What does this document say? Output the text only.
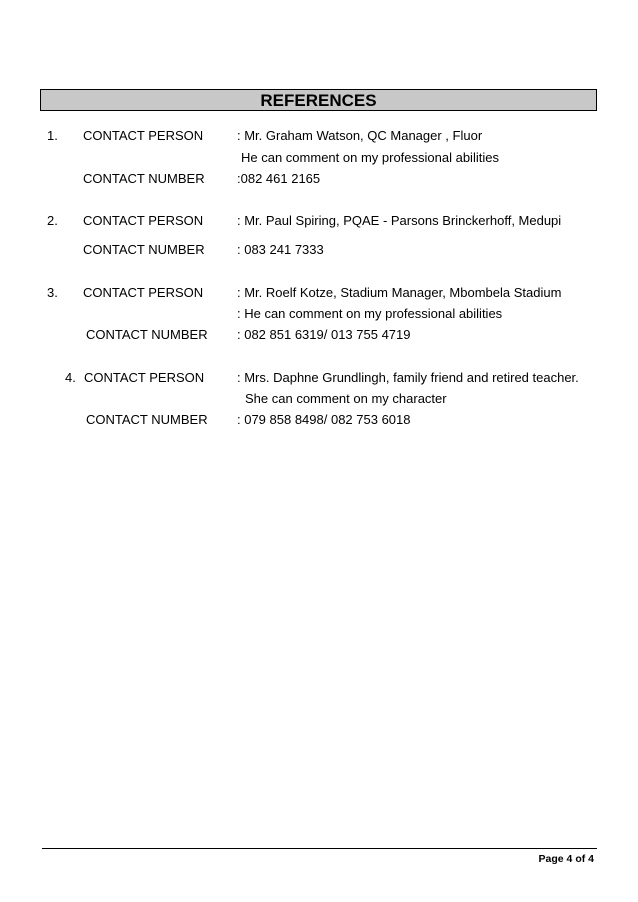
REFERENCES
1. CONTACT PERSON	: Mr. Graham Watson, QC Manager , Fluor
He can comment on my professional abilities
CONTACT NUMBER :082 461 2165
2. CONTACT PERSON	: Mr. Paul Spiring, PQAE - Parsons Brinckerhoff, Medupi
CONTACT NUMBER : 083 241 7333
3. CONTACT PERSON	: Mr. Roelf Kotze, Stadium Manager, Mbombela Stadium
: He can comment on my professional abilities
CONTACT NUMBER : 082 851 6319/ 013 755 4719
4. CONTACT PERSON	: Mrs. Daphne Grundlingh, family friend and retired teacher.
She can comment on my character
CONTACT NUMBER : 079 858 8498/ 082 753 6018
Page 4 of 4
